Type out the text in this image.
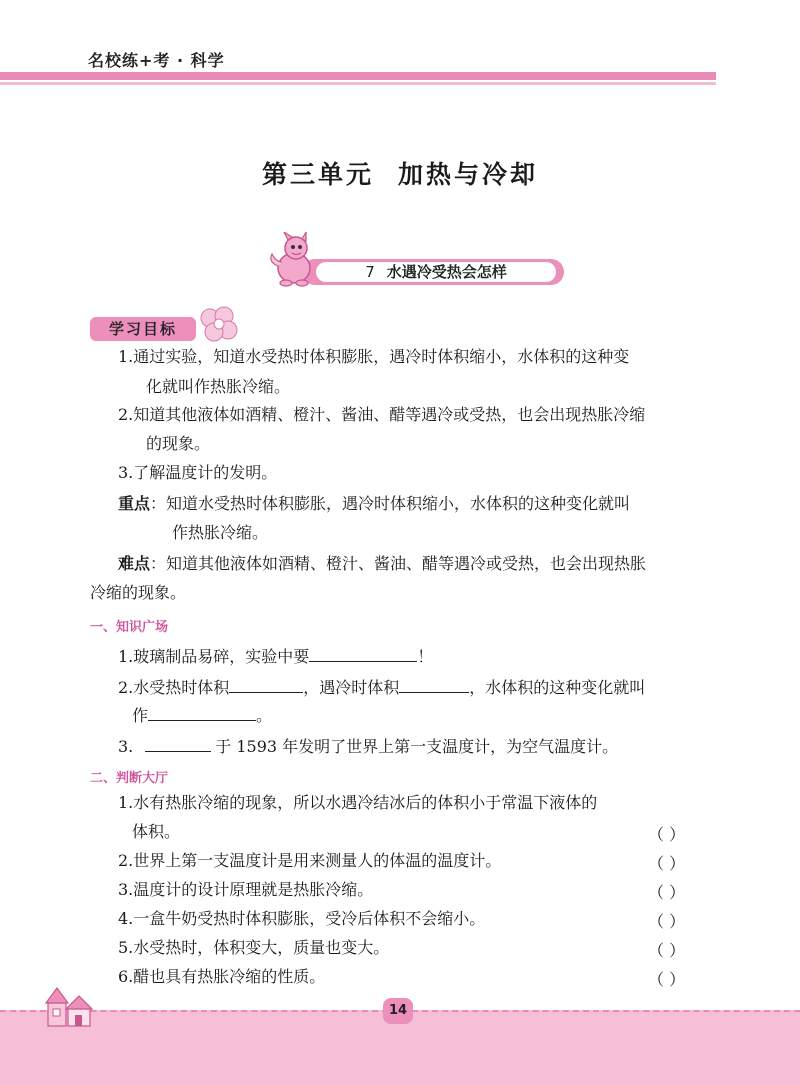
名校练+考 · 科学
第三单元 加热与冷却
7 水遇冷受热会怎样
学习目标
1.通过实验，知道水受热时体积膨胀，遇冷时体积缩小，水体积的这种变
化就叫作热胀冷缩。
2.知道其他液体如酒精、橙汁、酱油、醋等遇冷或受热，也会出现热胀冷缩
的现象。
3.了解温度计的发明。
重点：知道水受热时体积膨胀，遇冷时体积缩小，水体积的这种变化就叫
作热胀冷缩。
难点：知道其他液体如酒精、橙汁、酱油、醋等遇冷或受热，也会出现热胀
冷缩的现象。
一、知识广场
1.玻璃制品易碎，实验中要	！
2.水受热时体积	，遇冷时体积	，水体积的这种变化就叫
作	。
3.	于 1593 年发明了世界上第一支温度计，为空气温度计。
二、判断大厅
1.水有热胀冷缩的现象，所以水遇冷结冰后的体积小于常温下液体的
体积。	（ ）
2.世界上第一支温度计是用来测量人的体温的温度计。	（ ）
3.温度计的设计原理就是热胀冷缩。	（ ）
4.一盒牛奶受热时体积膨胀，受冷后体积不会缩小。	（ ）
5.水受热时，体积变大，质量也变大。	（ ）
6.醋也具有热胀冷缩的性质。	（ ）
14
